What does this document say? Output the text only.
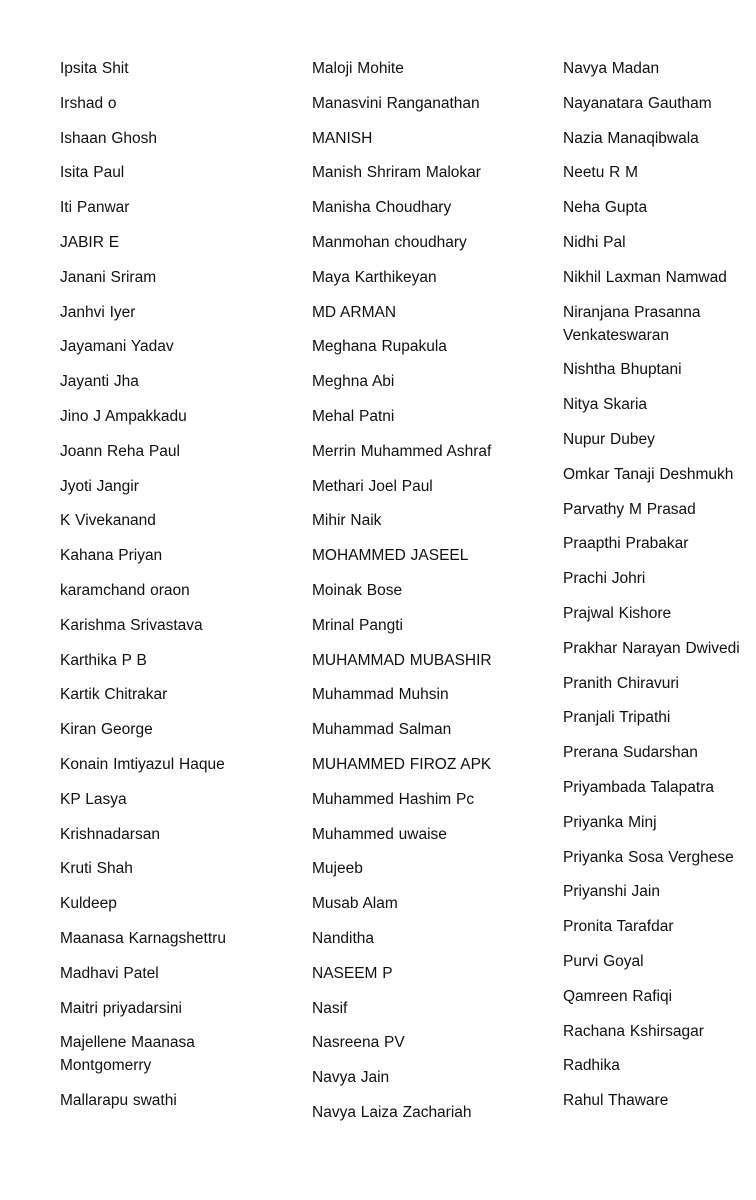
Ipsita Shit
Irshad o
Ishaan Ghosh
Isita Paul
Iti Panwar
JABIR E
Janani Sriram
Janhvi Iyer
Jayamani Yadav
Jayanti Jha
Jino J Ampakkadu
Joann Reha Paul
Jyoti Jangir
K Vivekanand
Kahana Priyan
karamchand oraon
Karishma Srivastava
Karthika P B
Kartik Chitrakar
Kiran George
Konain Imtiyazul Haque
KP Lasya
Krishnadarsan
Kruti Shah
Kuldeep
Maanasa Karnagshettru
Madhavi Patel
Maitri priyadarsini
Majellene Maanasa Montgomerry
Mallarapu swathi
Maloji Mohite
Manasvini Ranganathan
MANISH
Manish Shriram Malokar
Manisha Choudhary
Manmohan choudhary
Maya Karthikeyan
MD ARMAN
Meghana Rupakula
Meghna Abi
Mehal Patni
Merrin Muhammed Ashraf
Methari Joel Paul
Mihir Naik
MOHAMMED JASEEL
Moinak Bose
Mrinal Pangti
MUHAMMAD MUBASHIR
Muhammad Muhsin
Muhammad Salman
MUHAMMED FIROZ APK
Muhammed Hashim Pc
Muhammed uwaise
Mujeeb
Musab Alam
Nanditha
NASEEM P
Nasif
Nasreena PV
Navya Jain
Navya Laiza Zachariah
Navya Madan
Nayanatara Gautham
Nazia Manaqibwala
Neetu R M
Neha Gupta
Nidhi Pal
Nikhil Laxman Namwad
Niranjana Prasanna Venkateswaran
Nishtha Bhuptani
Nitya Skaria
Nupur Dubey
Omkar Tanaji Deshmukh
Parvathy M Prasad
Praapthi Prabakar
Prachi Johri
Prajwal Kishore
Prakhar Narayan Dwivedi
Pranith Chiravuri
Pranjali Tripathi
Prerana Sudarshan
Priyambada Talapatra
Priyanka Minj
Priyanka Sosa Verghese
Priyanshi Jain
Pronita Tarafdar
Purvi Goyal
Qamreen Rafiqi
Rachana Kshirsagar
Radhika
Rahul Thaware
